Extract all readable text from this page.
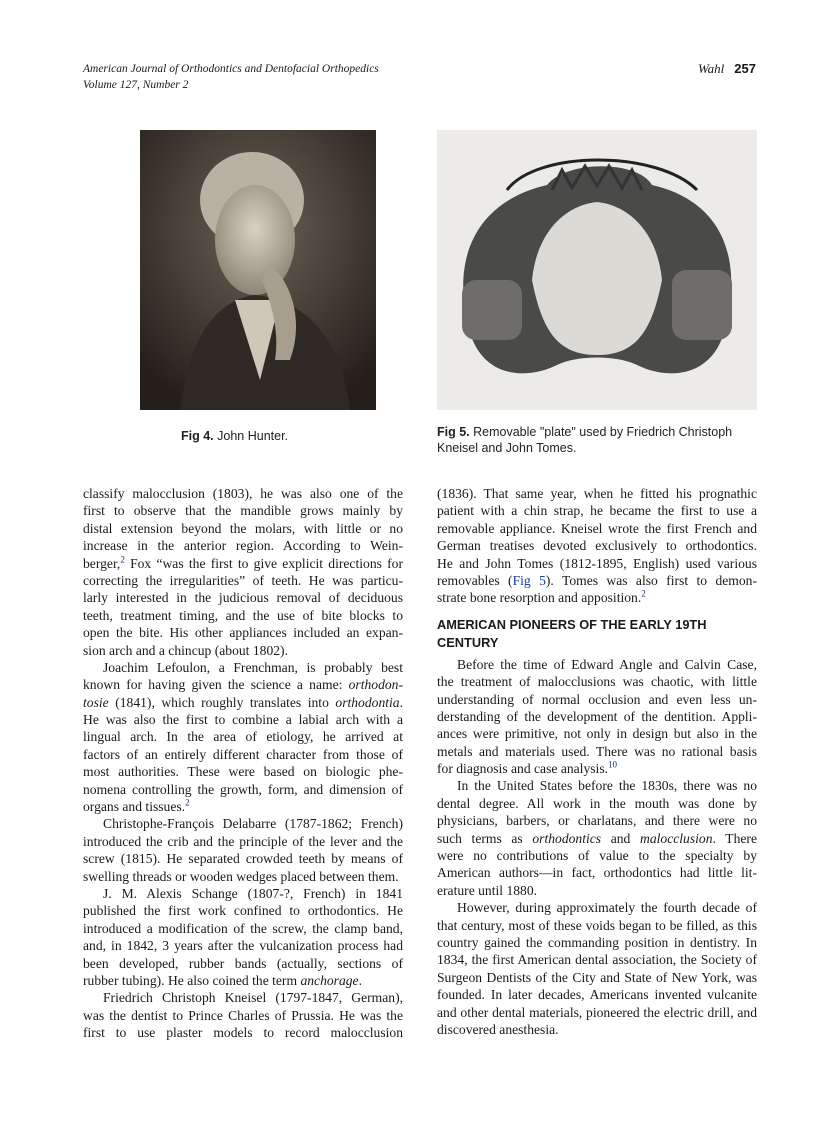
American Journal of Orthodontics and Dentofacial Orthopedics
Volume 127, Number 2
Wahl 257
Fig 4. John Hunter.	Fig 5. Removable "plate" used by Friedrich Christoph
Kneisel and John Tomes.
classify malocclusion (1803), he was also one of the
first to observe that the mandible grows mainly by
distal extension beyond the molars, with little or no
increase in the anterior region. According to Wein-
berger,$^2$ Fox “was the first to give explicit directions for
correcting the irregularities” of teeth. He was particu-
larly interested in the judicious removal of deciduous
teeth, treatment timing, and the use of bite blocks to
open the bite. His other appliances included an expan-
sion arch and a chincup (about 1802).
Joachim Lefoulon, a Frenchman, is probably best
known for having given the science a name: orthodon-
tosie (1841), which roughly translates into orthodontia.
He was also the first to combine a labial arch with a
lingual arch. In the area of etiology, he arrived at
factors of an entirely different character from those of
most authorities. These were based on biologic phe-
nomena controlling the growth, form, and dimension of
organs and tissues.$^2$
Christophe-François Delabarre (1787-1862; French)
introduced the crib and the principle of the lever and the
screw (1815). He separated crowded teeth by means of
swelling threads or wooden wedges placed between them.
J. M. Alexis Schange (1807-?, French) in 1841
published the first work confined to orthodontics. He
introduced a modification of the screw, the clamp band,
and, in 1842, 3 years after the vulcanization process had
been developed, rubber bands (actually, sections of
rubber tubing). He also coined the term anchorage.
Friedrich Christoph Kneisel (1797-1847, German),
was the dentist to Prince Charles of Prussia. He was the
first to use plaster models to record malocclusion
(1836). That same year, when he fitted his prognathic
patient with a chin strap, he became the first to use a
removable appliance. Kneisel wrote the first French and
German treatises devoted exclusively to orthodontics.
He and John Tomes (1812-1895, English) used various
removables (Fig 5). Tomes was also first to demon-
strate bone resorption and apposition.$^2$
AMERICAN PIONEERS OF THE EARLY 19TH
CENTURY
Before the time of Edward Angle and Calvin Case,
the treatment of malocclusions was chaotic, with little
understanding of normal occlusion and even less un-
derstanding of the development of the dentition. Appli-
ances were primitive, not only in design but also in the
metals and materials used. There was no rational basis
for diagnosis and case analysis.$^{10}$
In the United States before the 1830s, there was no
dental degree. All work in the mouth was done by
physicians, barbers, or charlatans, and there were no
such terms as orthodontics and malocclusion. There
were no contributions of value to the specialty by
American authors—in fact, orthodontics had little lit-
erature until 1880.
However, during approximately the fourth decade of
that century, most of these voids began to be filled, as this
country gained the commanding position in dentistry. In
1834, the first American dental association, the Society of
Surgeon Dentists of the City and State of New York, was
founded. In later decades, Americans invented vulcanite
and other dental materials, pioneered the electric drill, and
discovered anesthesia.
